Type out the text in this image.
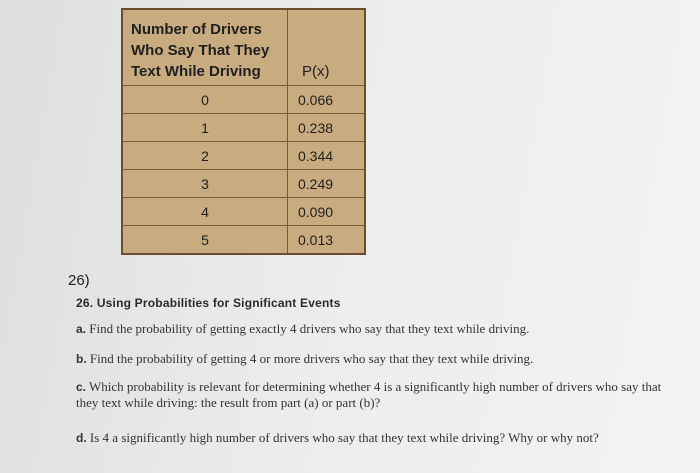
Number of Drivers Who Say That They Text While Driving	P(x)
0	0.066
1	0.238
2	0.344
3	0.249
4	0.090
5	0.013
26)
26. Using Probabilities for Significant Events
a. Find the probability of getting exactly 4 drivers who say that they text while driving.
b. Find the probability of getting 4 or more drivers who say that they text while driving.
c. Which probability is relevant for determining whether 4 is a significantly high number of drivers who say that they text while driving: the result from part (a) or part (b)?
d. Is 4 a significantly high number of drivers who say that they text while driving? Why or why not?
